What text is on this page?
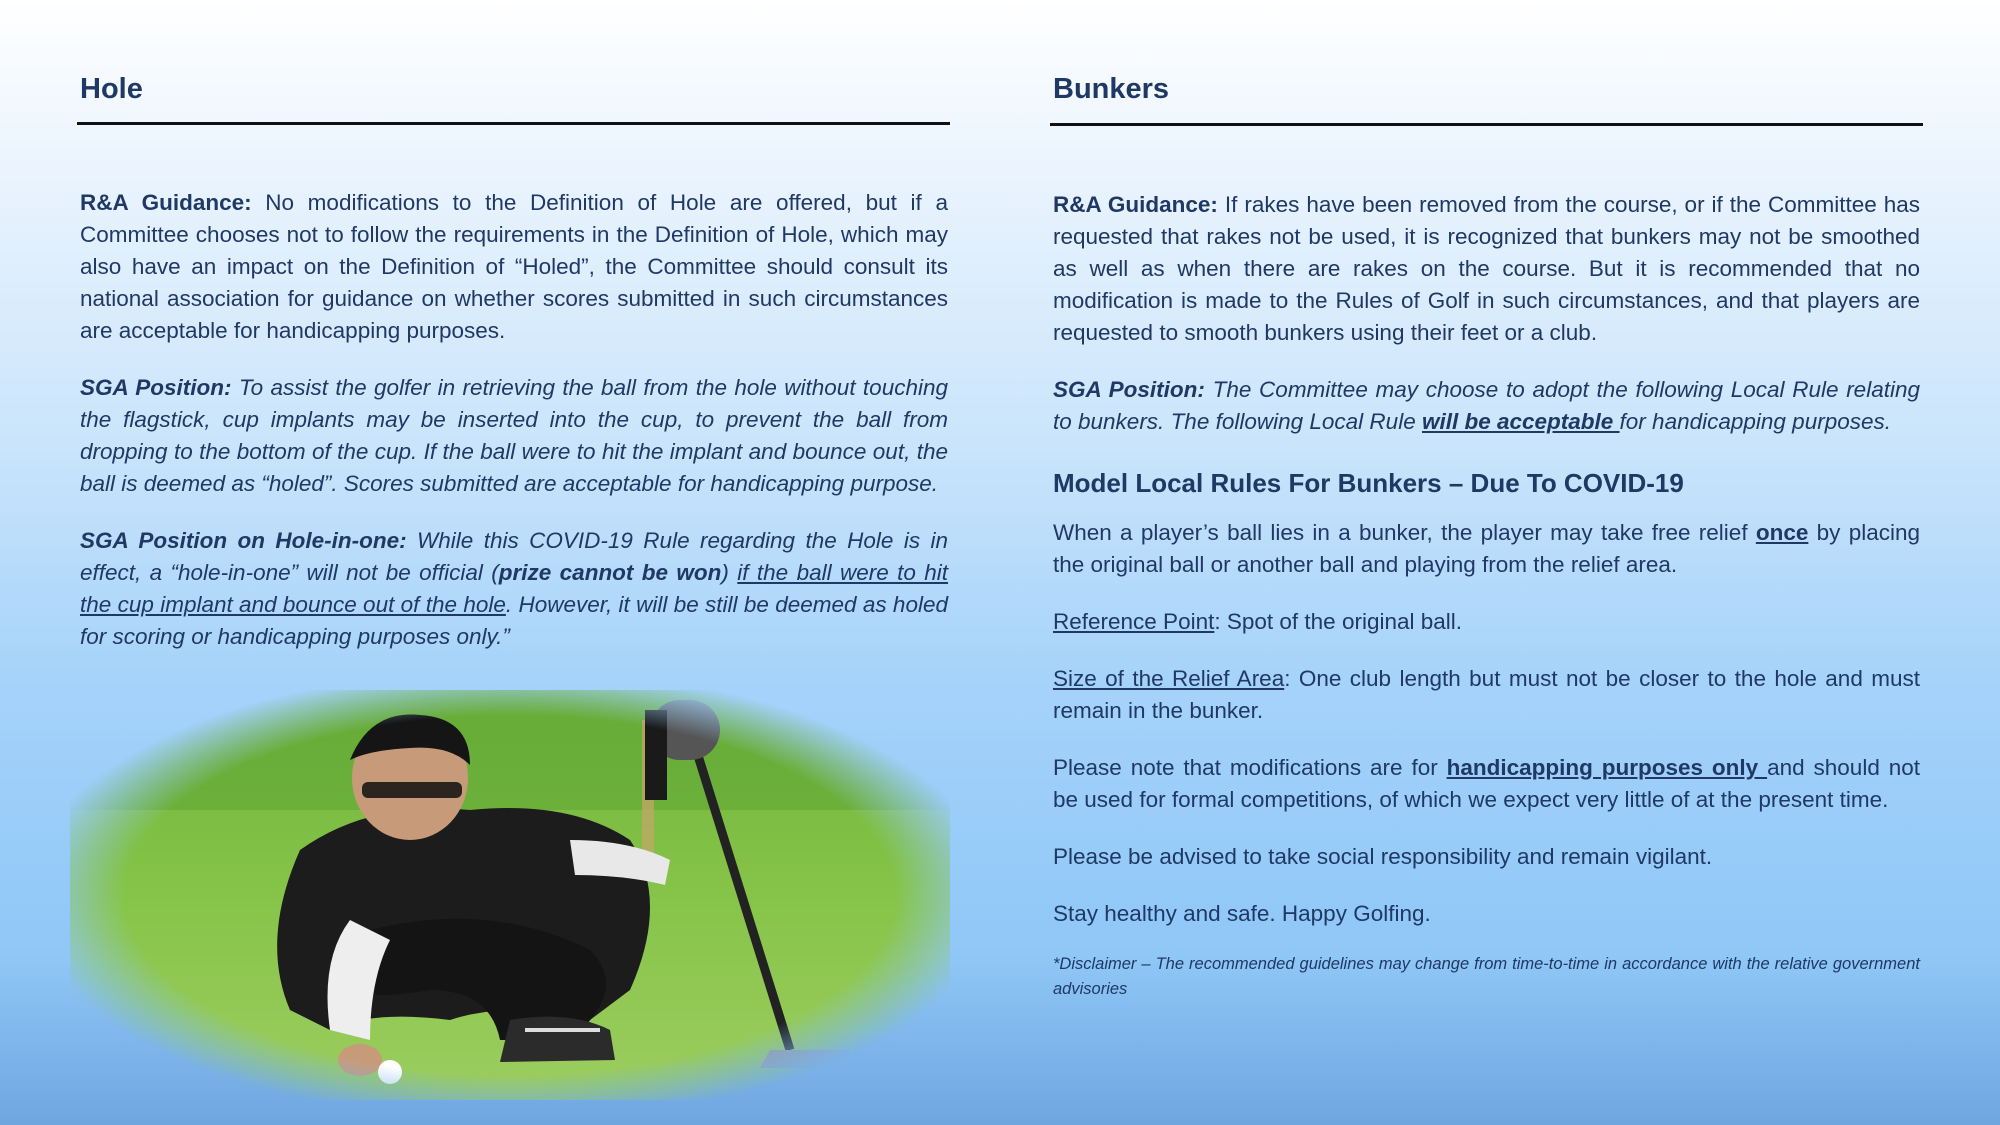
Hole

R&A Guidance: No modifications to the Definition of Hole are offered, but if a Committee chooses not to follow the requirements in the Definition of Hole, which may also have an impact on the Definition of “Holed”, the Committee should consult its national association for guidance on whether scores submitted in such circumstances are acceptable for handicapping purposes.

SGA Position: To assist the golfer in retrieving the ball from the hole without touching the flagstick, cup implants may be inserted into the cup, to prevent the ball from dropping to the bottom of the cup. If the ball were to hit the implant and bounce out, the ball is deemed as “holed”. Scores submitted are acceptable for handicapping purpose.

SGA Position on Hole-in-one: While this COVID-19 Rule regarding the Hole is in effect, a “hole-in-one” will not be official (prize cannot be won) if the ball were to hit the cup implant and bounce out of the hole. However, it will be still be deemed as holed for scoring or handicapping purposes only.”

Bunkers

R&A Guidance: If rakes have been removed from the course, or if the Committee has requested that rakes not be used, it is recognized that bunkers may not be smoothed as well as when there are rakes on the course. But it is recommended that no modification is made to the Rules of Golf in such circumstances, and that players are requested to smooth bunkers using their feet or a club.

SGA Position: The Committee may choose to adopt the following Local Rule relating to bunkers. The following Local Rule will be acceptable for handicapping purposes.

Model Local Rules For Bunkers – Due To COVID-19

When a player’s ball lies in a bunker, the player may take free relief once by placing the original ball or another ball and playing from the relief area.

Reference Point: Spot of the original ball.

Size of the Relief Area: One club length but must not be closer to the hole and must remain in the bunker.

Please note that modifications are for handicapping purposes only and should not be used for formal competitions, of which we expect very little of at the present time.

Please be advised to take social responsibility and remain vigilant.

Stay healthy and safe. Happy Golfing.

*Disclaimer – The recommended guidelines may change from time-to-time in accordance with the relative government advisories
